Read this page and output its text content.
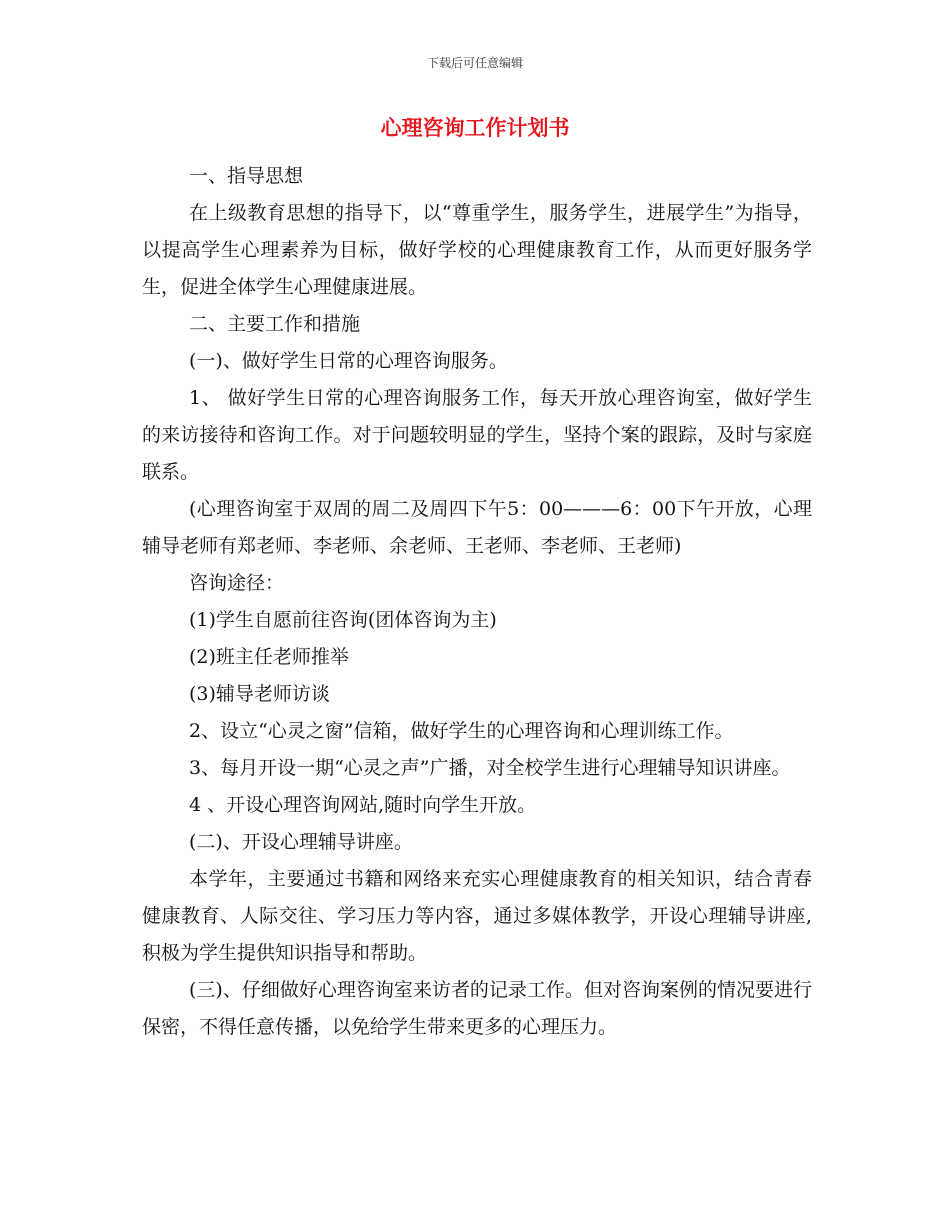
下载后可任意编辑
心理咨询工作计划书

一、指导思想

在上级教育思想的指导下，以“尊重学生，服务学生，进展学生”为指导，以提高学生心理素养为目标，做好学校的心理健康教育工作，从而更好服务学生，促进全体学生心理健康进展。

二、主要工作和措施

(一)、做好学生日常的心理咨询服务。

1、 做好学生日常的心理咨询服务工作，每天开放心理咨询室，做好学生的来访接待和咨询工作。对于问题较明显的学生，坚持个案的跟踪，及时与家庭联系。

(心理咨询室于双周的周二及周四下午5：00———6：00下午开放，心理辅导老师有郑老师、李老师、余老师、王老师、李老师、王老师)

咨询途径：

(1)学生自愿前往咨询(团体咨询为主)

(2)班主任老师推举

(3)辅导老师访谈

2、设立“心灵之窗”信箱，做好学生的心理咨询和心理训练工作。

3、每月开设一期“心灵之声”广播，对全校学生进行心理辅导知识讲座。

4 、开设心理咨询网站,随时向学生开放。

(二)、开设心理辅导讲座。

本学年，主要通过书籍和网络来充实心理健康教育的相关知识，结合青春健康教育、人际交往、学习压力等内容，通过多媒体教学，开设心理辅导讲座,积极为学生提供知识指导和帮助。

(三)、仔细做好心理咨询室来访者的记录工作。但对咨询案例的情况要进行保密，不得任意传播，以免给学生带来更多的心理压力。
